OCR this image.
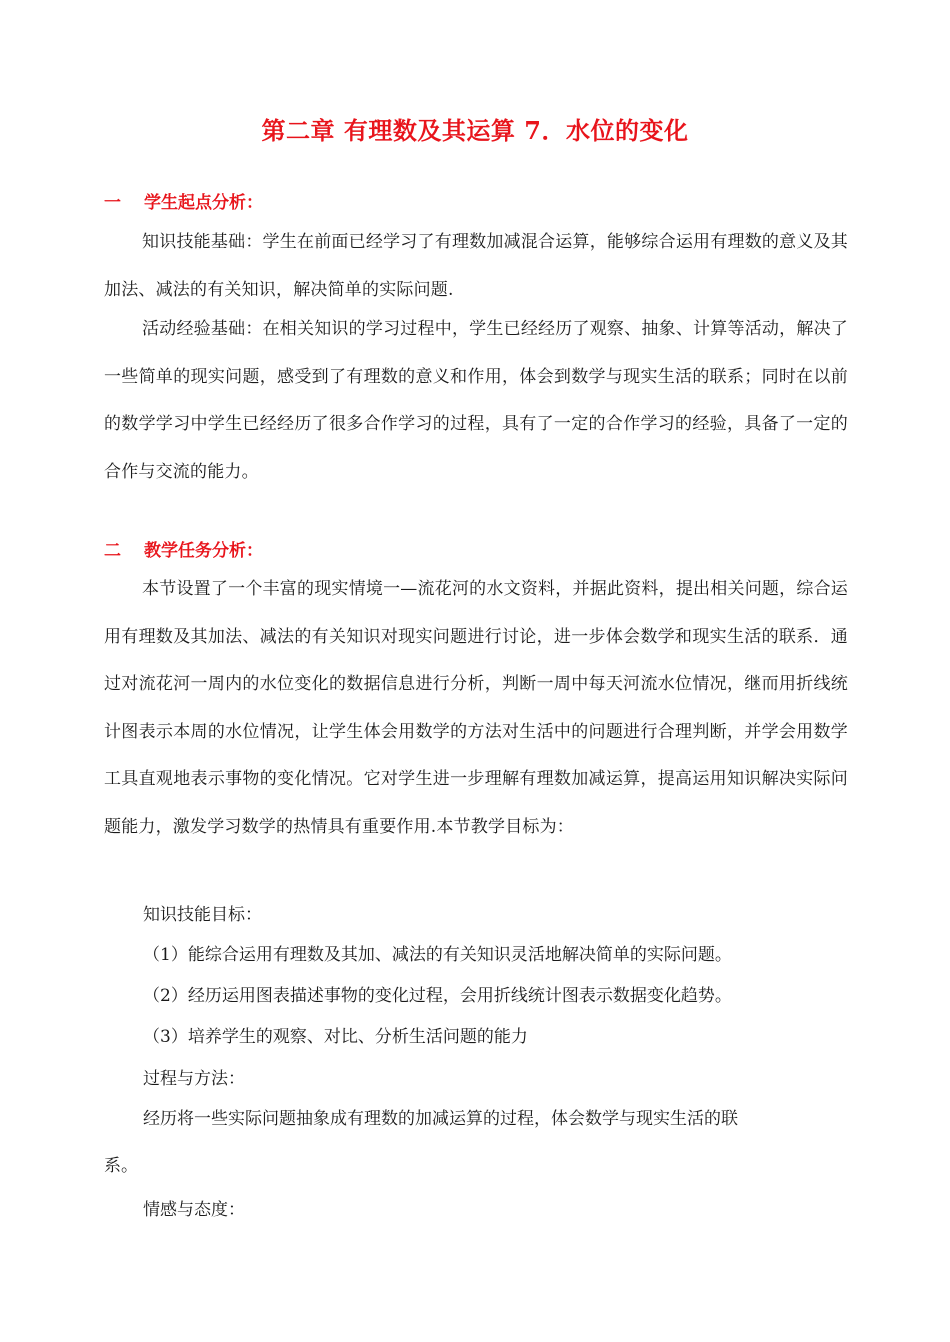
第二章 有理数及其运算 7．水位的变化
一 学生起点分析：
知识技能基础：学生在前面已经学习了有理数加减混合运算，能够综合运用有理数的意义及其加法、减法的有关知识，解决简单的实际问题.
活动经验基础：在相关知识的学习过程中，学生已经经历了观察、抽象、计算等活动，解决了一些简单的现实问题，感受到了有理数的意义和作用，体会到数学与现实生活的联系；同时在以前的数学学习中学生已经经历了很多合作学习的过程，具有了一定的合作学习的经验，具备了一定的合作与交流的能力。
二 教学任务分析：
本节设置了一个丰富的现实情境一—流花河的水文资料，并据此资料，提出相关问题，综合运用有理数及其加法、减法的有关知识对现实问题进行讨论，进一步体会数学和现实生活的联系．通过对流花河一周内的水位变化的数据信息进行分析，判断一周中每天河流水位情况，继而用折线统计图表示本周的水位情况，让学生体会用数学的方法对生活中的问题进行合理判断，并学会用数学工具直观地表示事物的变化情况。它对学生进一步理解有理数加减运算，提高运用知识解决实际问题能力，激发学习数学的热情具有重要作用.本节教学目标为：
知识技能目标：
（1）能综合运用有理数及其加、减法的有关知识灵活地解决简单的实际问题。
（2）经历运用图表描述事物的变化过程，会用折线统计图表示数据变化趋势。
（3）培养学生的观察、对比、分析生活问题的能力
过程与方法：
经历将一些实际问题抽象成有理数的加减运算的过程，体会数学与现实生活的联
系。
情感与态度：
